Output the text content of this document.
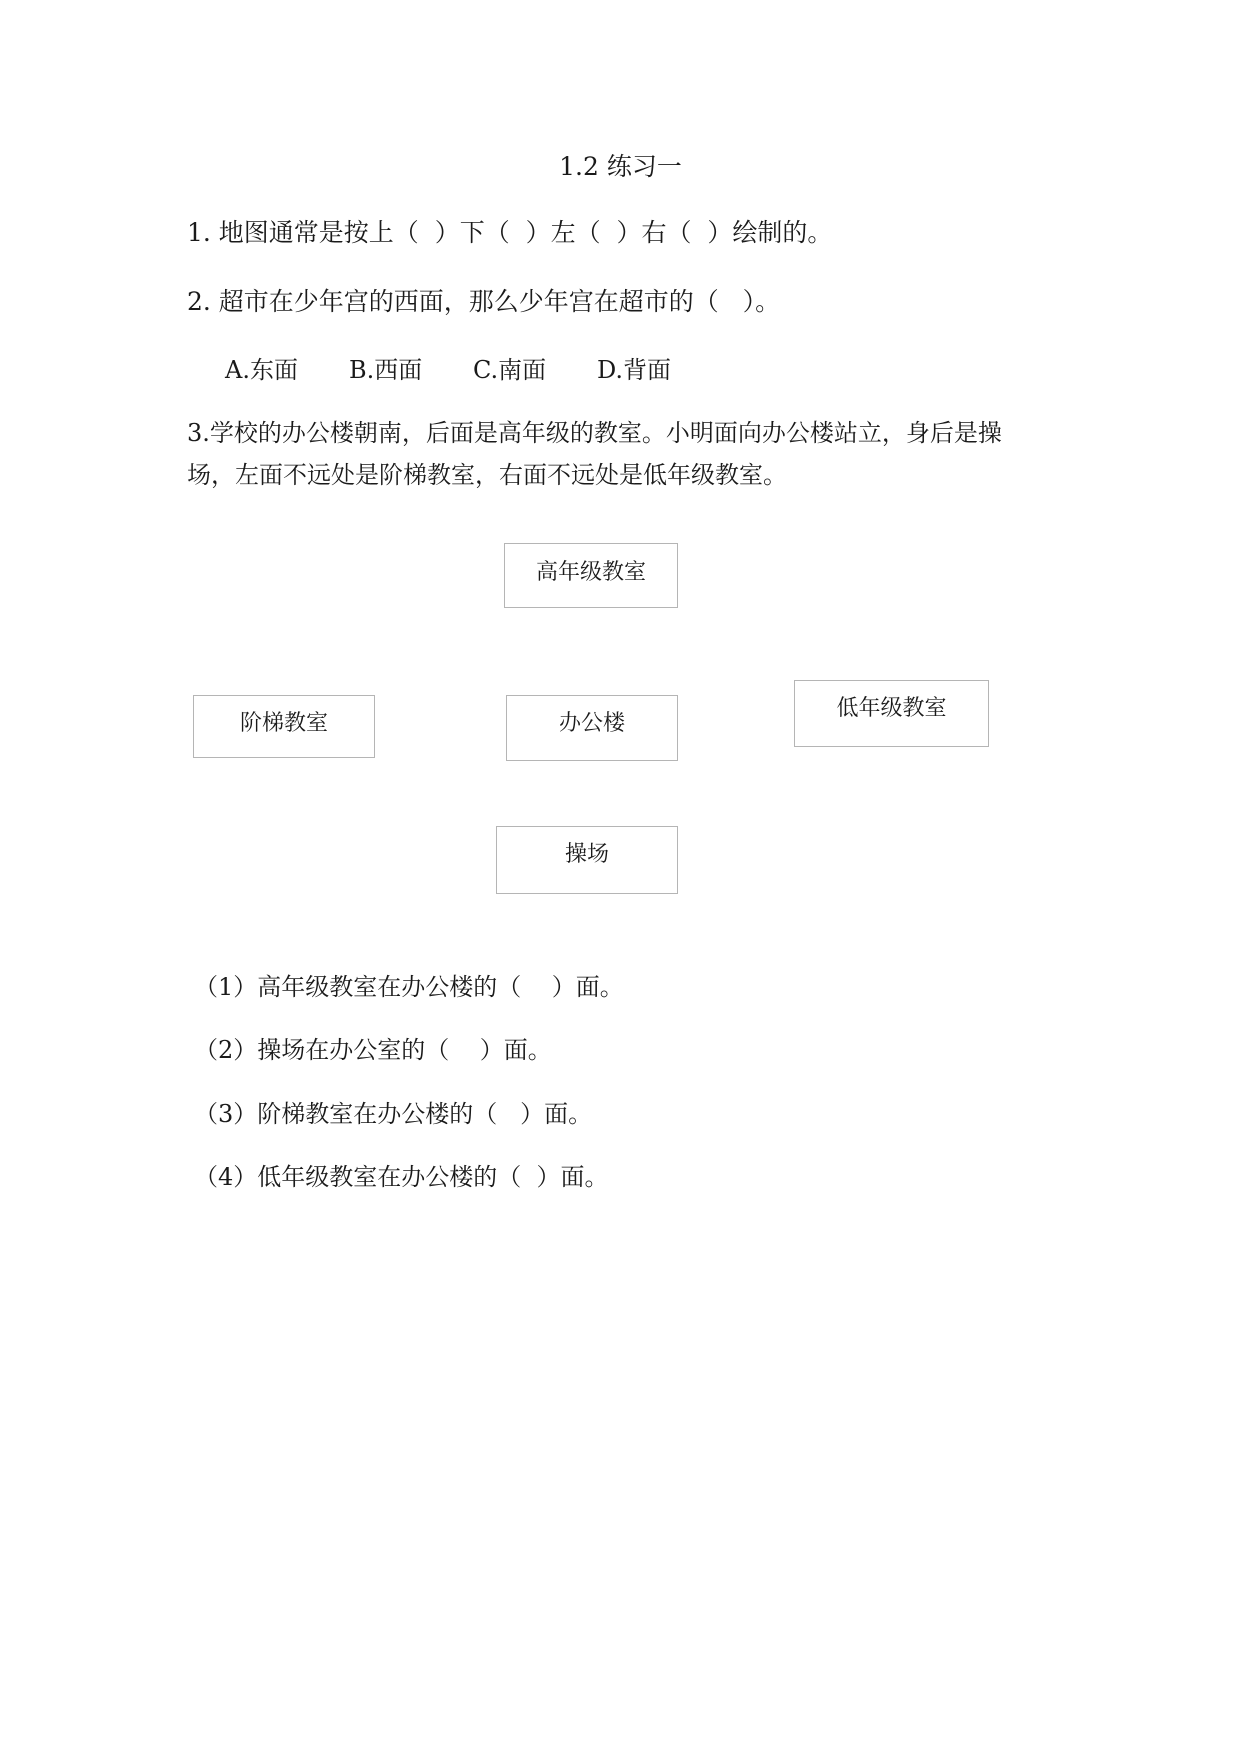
1.2 练习一
1. 地图通常是按上（  ）下（  ）左（  ）右（  ）绘制的。
2. 超市在少年宫的西面，那么少年宫在超市的（   ）。
A.东面 B.西面 C.南面 D.背面
3.学校的办公楼朝南，后面是高年级的教室。小明面向办公楼站立，身后是操
场，左面不远处是阶梯教室，右面不远处是低年级教室。
高年级教室
阶梯教室	办公楼
低年级教室
操场
（1）高年级教室在办公楼的（    ）面。
（2）操场在办公室的（    ）面。
（3）阶梯教室在办公楼的（   ）面。
（4）低年级教室在办公楼的（  ）面。
